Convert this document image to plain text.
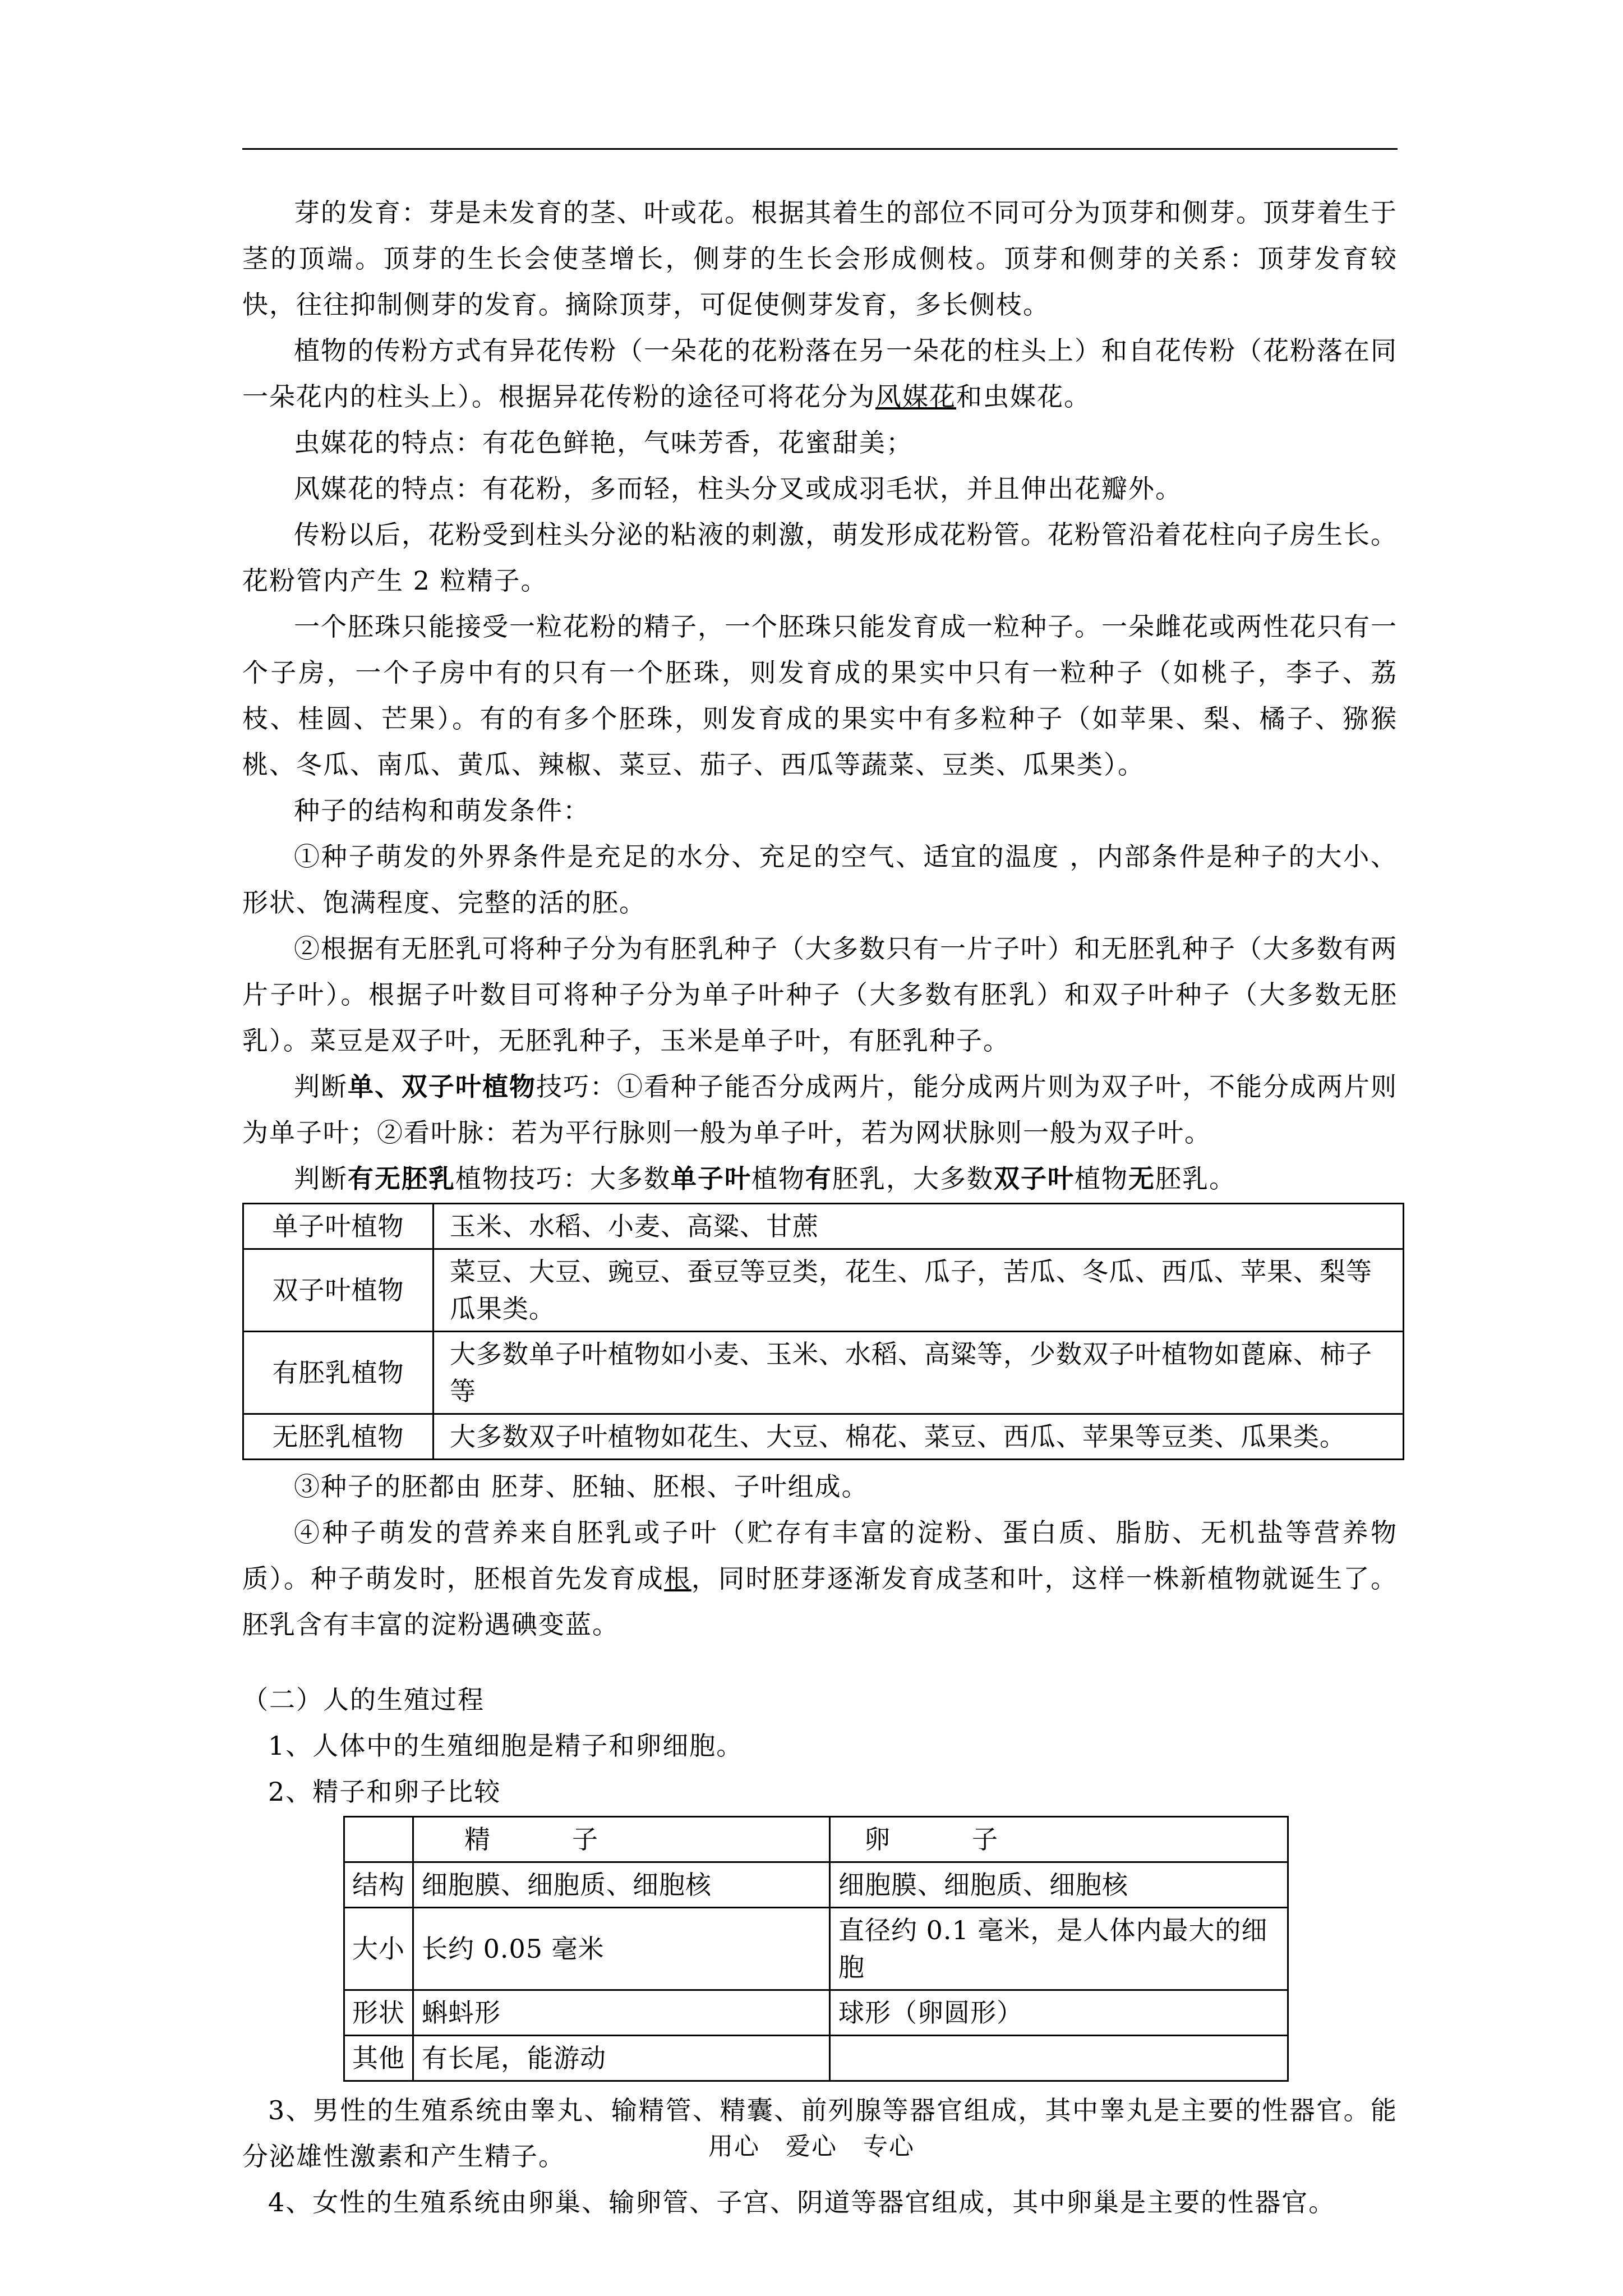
芽的发育：芽是未发育的茎、叶或花。根据其着生的部位不同可分为顶芽和侧芽。顶芽着生于茎的顶端。顶芽的生长会使茎增长，侧芽的生长会形成侧枝。顶芽和侧芽的关系：顶芽发育较快，往往抑制侧芽的发育。摘除顶芽，可促使侧芽发育，多长侧枝。

植物的传粉方式有异花传粉（一朵花的花粉落在另一朵花的柱头上）和自花传粉（花粉落在同一朵花内的柱头上）。根据异花传粉的途径可将花分为风媒花和虫媒花。

虫媒花的特点：有花色鲜艳，气味芳香，花蜜甜美；

风媒花的特点：有花粉，多而轻，柱头分叉或成羽毛状，并且伸出花瓣外。

传粉以后，花粉受到柱头分泌的粘液的刺激，萌发形成花粉管。花粉管沿着花柱向子房生长。花粉管内产生 2 粒精子。

一个胚珠只能接受一粒花粉的精子，一个胚珠只能发育成一粒种子。一朵雌花或两性花只有一个子房，一个子房中有的只有一个胚珠，则发育成的果实中只有一粒种子（如桃子，李子、荔枝、桂圆、芒果）。有的有多个胚珠，则发育成的果实中有多粒种子（如苹果、梨、橘子、猕猴桃、冬瓜、南瓜、黄瓜、辣椒、菜豆、茄子、西瓜等蔬菜、豆类、瓜果类）。

种子的结构和萌发条件：

①种子萌发的外界条件是充足的水分、充足的空气、适宜的温度 ，内部条件是种子的大小、形状、饱满程度、完整的活的胚。

②根据有无胚乳可将种子分为有胚乳种子（大多数只有一片子叶）和无胚乳种子（大多数有两片子叶）。根据子叶数目可将种子分为单子叶种子（大多数有胚乳）和双子叶种子（大多数无胚乳）。菜豆是双子叶，无胚乳种子，玉米是单子叶，有胚乳种子。

判断单、双子叶植物技巧：①看种子能否分成两片，能分成两片则为双子叶，不能分成两片则为单子叶；②看叶脉：若为平行脉则一般为单子叶，若为网状脉则一般为双子叶。

判断有无胚乳植物技巧：大多数单子叶植物有胚乳，大多数双子叶植物无胚乳。

单子叶植物	玉米、水稻、小麦、高粱、甘蔗
双子叶植物	菜豆、大豆、豌豆、蚕豆等豆类，花生、瓜子，苦瓜、冬瓜、西瓜、苹果、梨等瓜果类。
有胚乳植物	大多数单子叶植物如小麦、玉米、水稻、高粱等，少数双子叶植物如蓖麻、柿子等
无胚乳植物	大多数双子叶植物如花生、大豆、棉花、菜豆、西瓜、苹果等豆类、瓜果类。

③种子的胚都由 胚芽、胚轴、胚根、子叶组成。

④种子萌发的营养来自胚乳或子叶（贮存有丰富的淀粉、蛋白质、脂肪、无机盐等营养物质）。种子萌发时，胚根首先发育成根，同时胚芽逐渐发育成茎和叶，这样一株新植物就诞生了。胚乳含有丰富的淀粉遇碘变蓝。

（二）人的生殖过程

1、人体中的生殖细胞是精子和卵细胞。

2、精子和卵子比较

	精　　　子	卵　　　子
结构	细胞膜、细胞质、细胞核	细胞膜、细胞质、细胞核
大小	长约 0.05 毫米	直径约 0.1 毫米，是人体内最大的细胞
形状	蝌蚪形	球形（卵圆形）
其他	有长尾，能游动	

3、男性的生殖系统由睾丸、输精管、精囊、前列腺等器官组成，其中睾丸是主要的性器官。能分泌雄性激素和产生精子。

4、女性的生殖系统由卵巢、输卵管、子宫、阴道等器官组成，其中卵巢是主要的性器官。

用心　爱心　专心
